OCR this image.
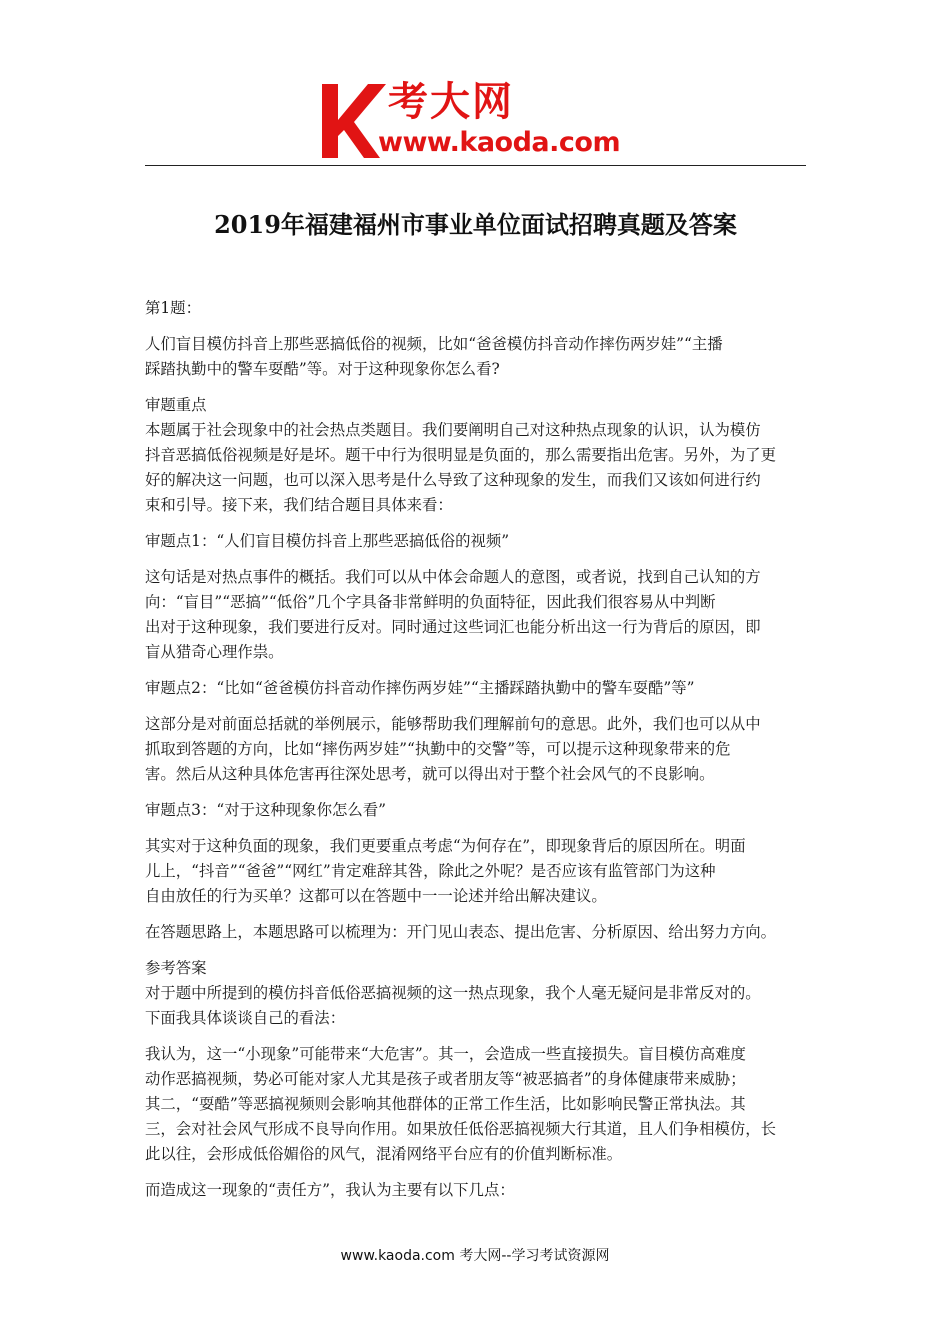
考大网
www.kaoda.com
2019年福建福州市事业单位面试招聘真题及答案

第1题：

人们盲目模仿抖音上那些恶搞低俗的视频，比如“爸爸模仿抖音动作摔伤两岁娃”“主播

踩踏执勤中的警车耍酷”等。对于这种现象你怎么看?

审题重点

本题属于社会现象中的社会热点类题目。我们要阐明自己对这种热点现象的认识，认为模仿

抖音恶搞低俗视频是好是坏。题干中行为很明显是负面的，那么需要指出危害。另外，为了更

好的解决这一问题，也可以深入思考是什么导致了这种现象的发生，而我们又该如何进行约

束和引导。接下来，我们结合题目具体来看：

审题点1：“人们盲目模仿抖音上那些恶搞低俗的视频”

这句话是对热点事件的概括。我们可以从中体会命题人的意图，或者说，找到自己认知的方

向：“盲目”“恶搞”“低俗”几个字具备非常鲜明的负面特征，因此我们很容易从中判断

出对于这种现象，我们要进行反对。同时通过这些词汇也能分析出这一行为背后的原因，即

盲从猎奇心理作祟。

审题点2：“比如“爸爸模仿抖音动作摔伤两岁娃”“主播踩踏执勤中的警车耍酷”等”

这部分是对前面总括就的举例展示，能够帮助我们理解前句的意思。此外，我们也可以从中

抓取到答题的方向，比如“摔伤两岁娃”“执勤中的交警”等，可以提示这种现象带来的危

害。然后从这种具体危害再往深处思考，就可以得出对于整个社会风气的不良影响。

审题点3：“对于这种现象你怎么看”

其实对于这种负面的现象，我们更要重点考虑“为何存在”，即现象背后的原因所在。明面

儿上，“抖音”“爸爸”“网红”肯定难辞其咎，除此之外呢？是否应该有监管部门为这种

自由放任的行为买单？这都可以在答题中一一论述并给出解决建议。

在答题思路上，本题思路可以梳理为：开门见山表态、提出危害、分析原因、给出努力方向。

参考答案

对于题中所提到的模仿抖音低俗恶搞视频的这一热点现象，我个人毫无疑问是非常反对的。

下面我具体谈谈自己的看法：

我认为，这一“小现象”可能带来“大危害”。其一，会造成一些直接损失。盲目模仿高难度

动作恶搞视频，势必可能对家人尤其是孩子或者朋友等“被恶搞者”的身体健康带来威胁；

其二，“耍酷”等恶搞视频则会影响其他群体的正常工作生活，比如影响民警正常执法。其

三，会对社会风气形成不良导向作用。如果放任低俗恶搞视频大行其道，且人们争相模仿，长

此以往，会形成低俗媚俗的风气，混淆网络平台应有的价值判断标准。

而造成这一现象的“责任方”，我认为主要有以下几点：

www.kaoda.com 考大网--学习考试资源网
